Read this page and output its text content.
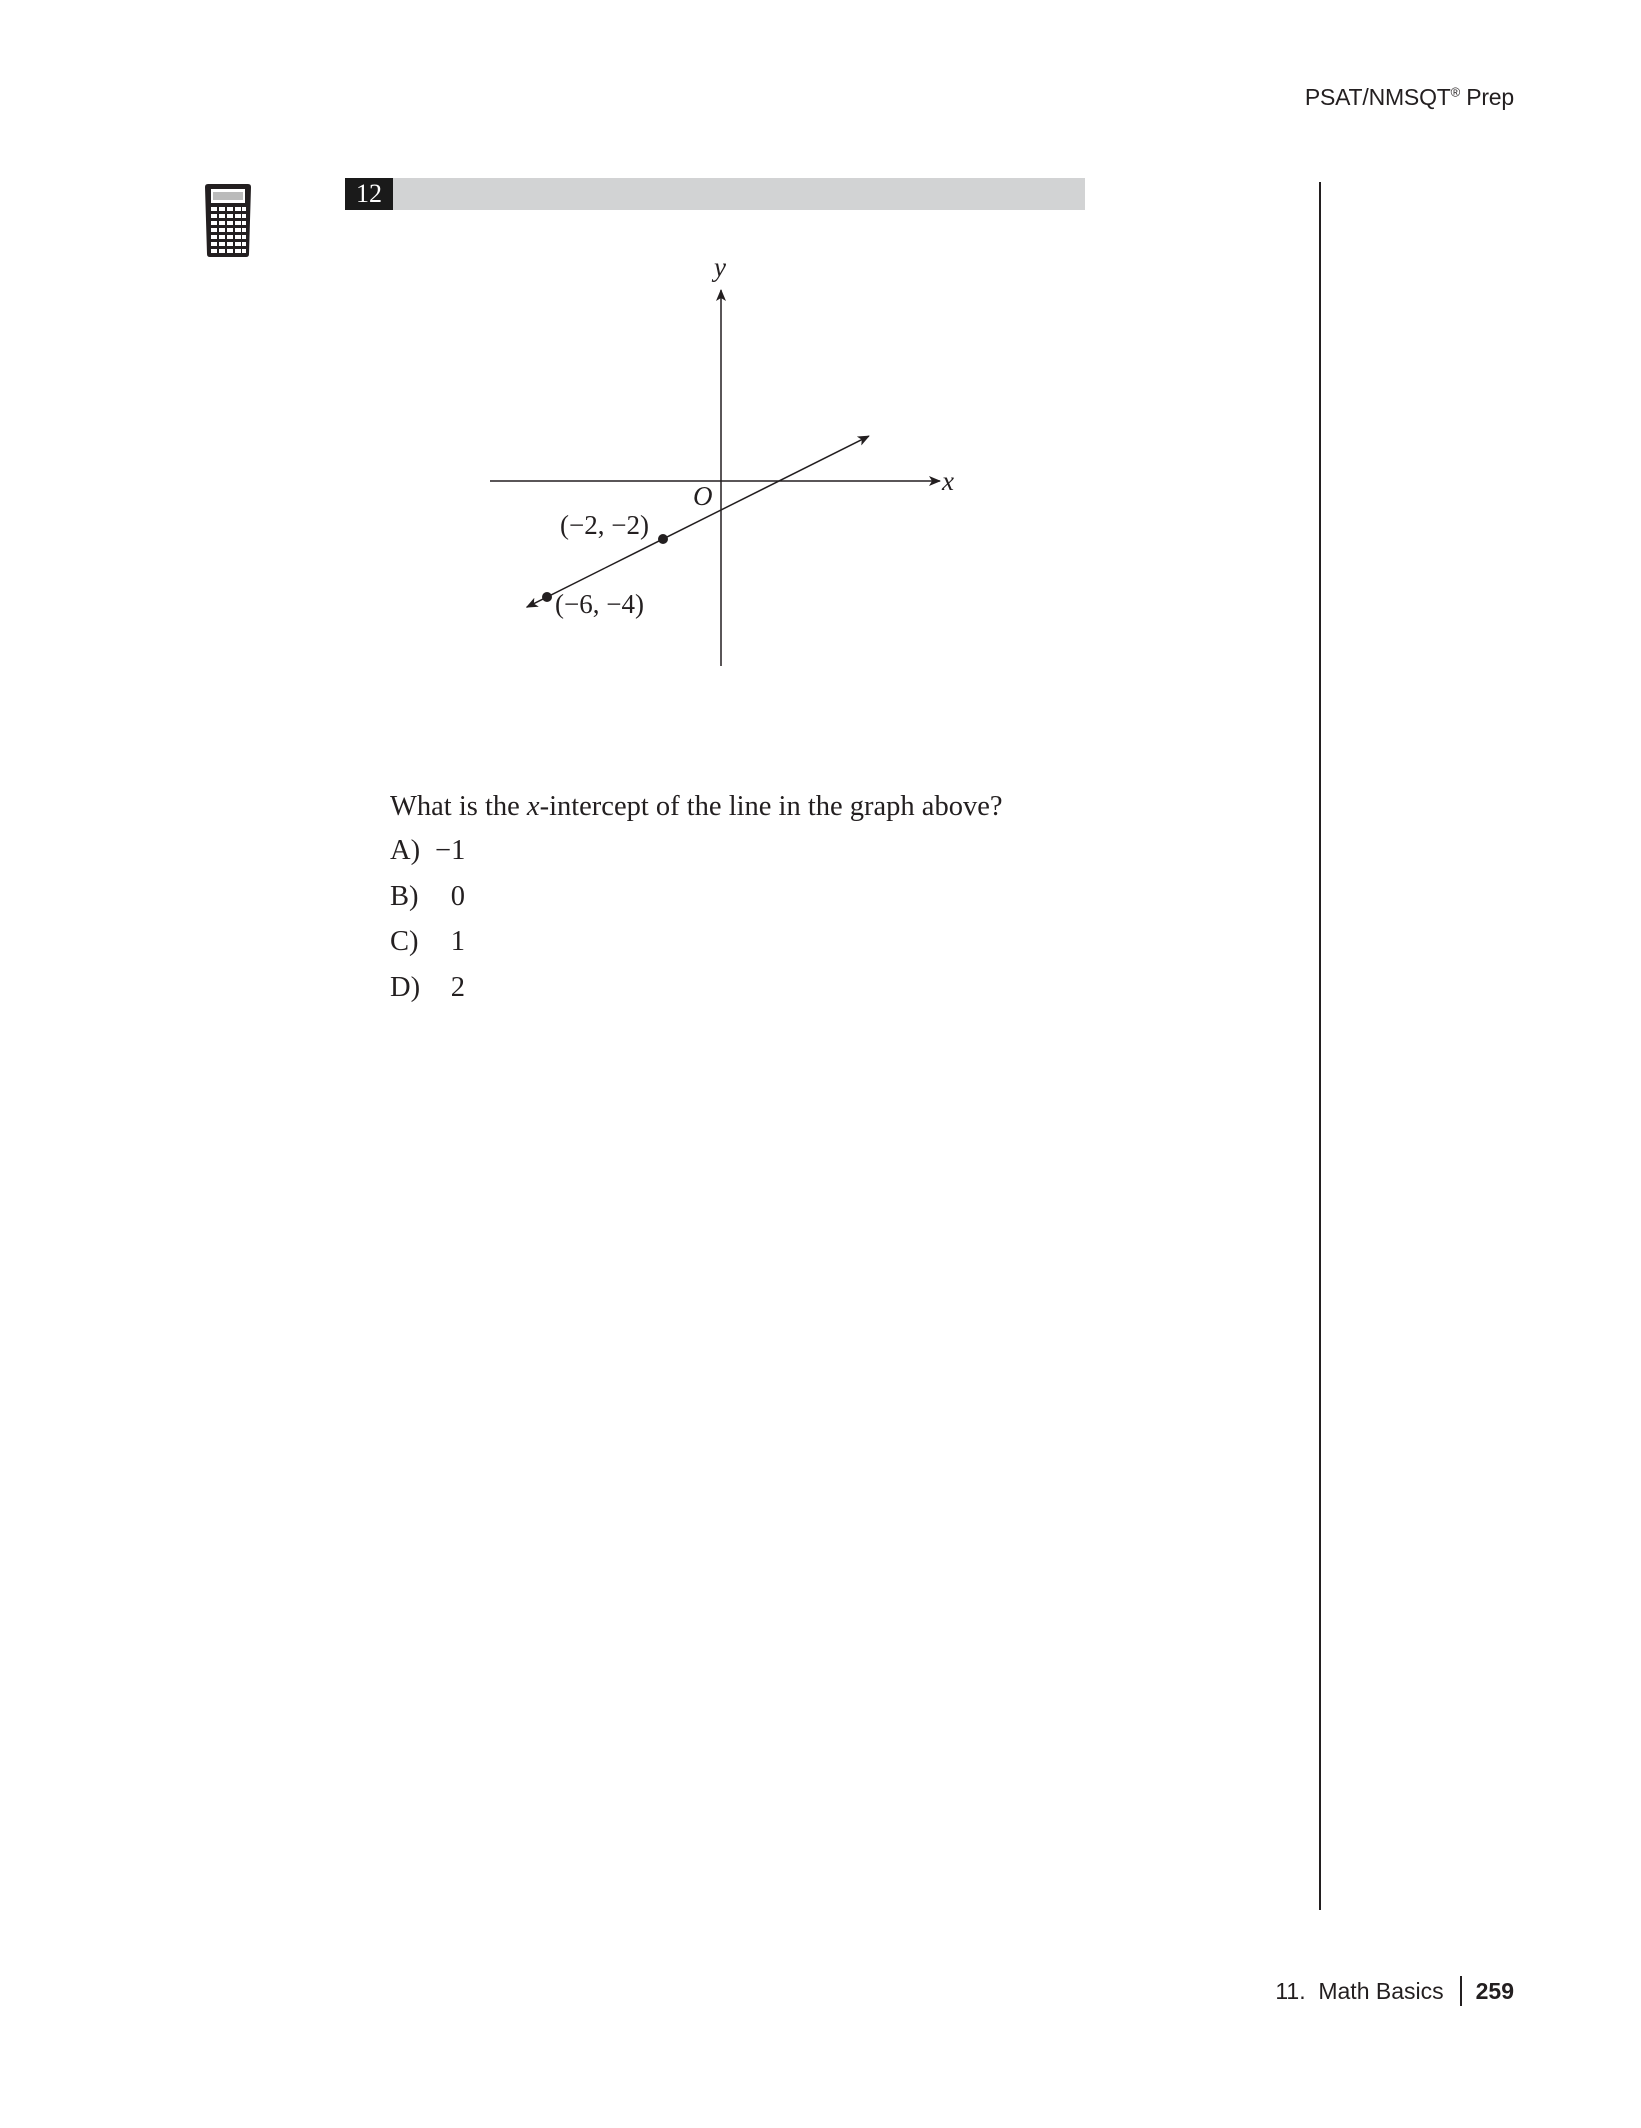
PSAT/NMSQT® Prep
12
x
y
O
(−2, −2)
(−6, −4)
What is the x-intercept of the line in the graph above?
A) −1
B)	0
C)	1
D)	2
11.  Math Basics 259
